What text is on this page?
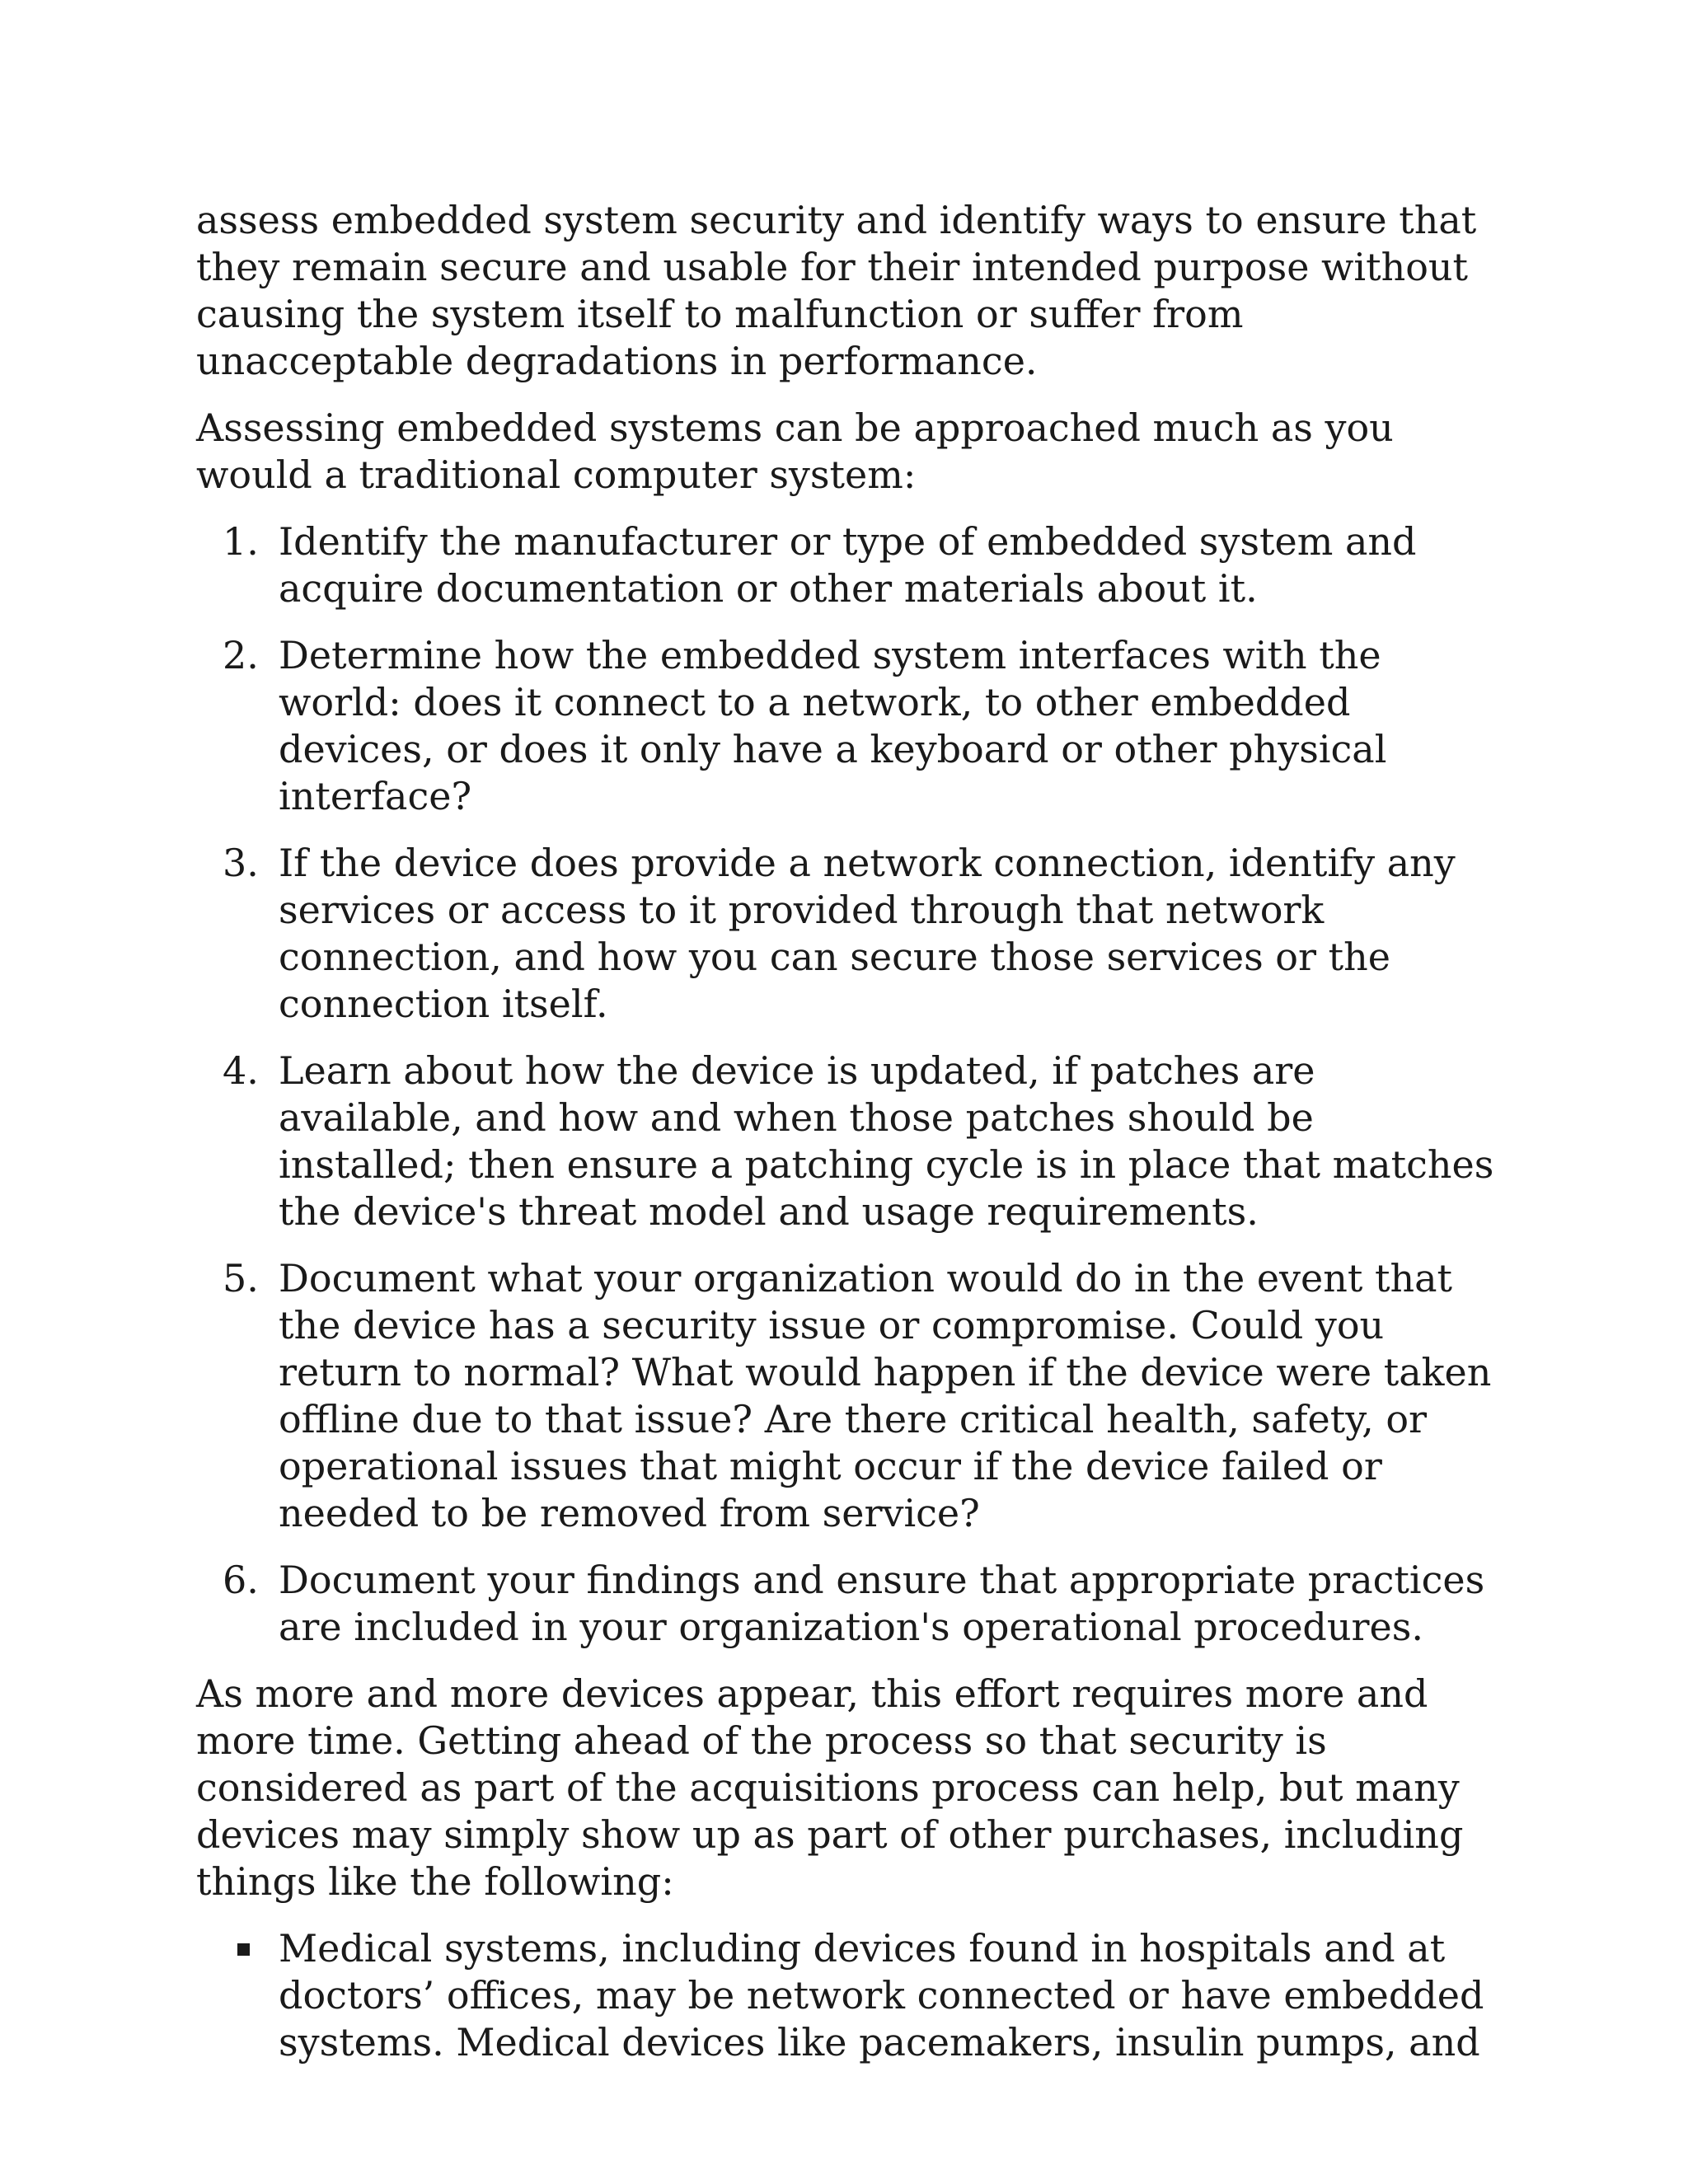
assess embedded system security and identify ways to ensure that they remain secure and usable for their intended purpose without causing the system itself to malfunction or suffer from unacceptable degradations in performance.

Assessing embedded systems can be approached much as you would a traditional computer system:

1. Identify the manufacturer or type of embedded system and acquire documentation or other materials about it.
2. Determine how the embedded system interfaces with the world: does it connect to a network, to other embedded devices, or does it only have a keyboard or other physical interface?
3. If the device does provide a network connection, identify any services or access to it provided through that network connection, and how you can secure those services or the connection itself.
4. Learn about how the device is updated, if patches are available, and how and when those patches should be installed; then ensure a patching cycle is in place that matches the device's threat model and usage requirements.
5. Document what your organization would do in the event that the device has a security issue or compromise. Could you return to normal? What would happen if the device were taken offline due to that issue? Are there critical health, safety, or operational issues that might occur if the device failed or needed to be removed from service?
6. Document your findings and ensure that appropriate practices are included in your organization's operational procedures.

As more and more devices appear, this effort requires more and more time. Getting ahead of the process so that security is considered as part of the acquisitions process can help, but many devices may simply show up as part of other purchases, including things like the following:

Medical systems, including devices found in hospitals and at doctors’ offices, may be network connected or have embedded systems. Medical devices like pacemakers, insulin pumps, and
